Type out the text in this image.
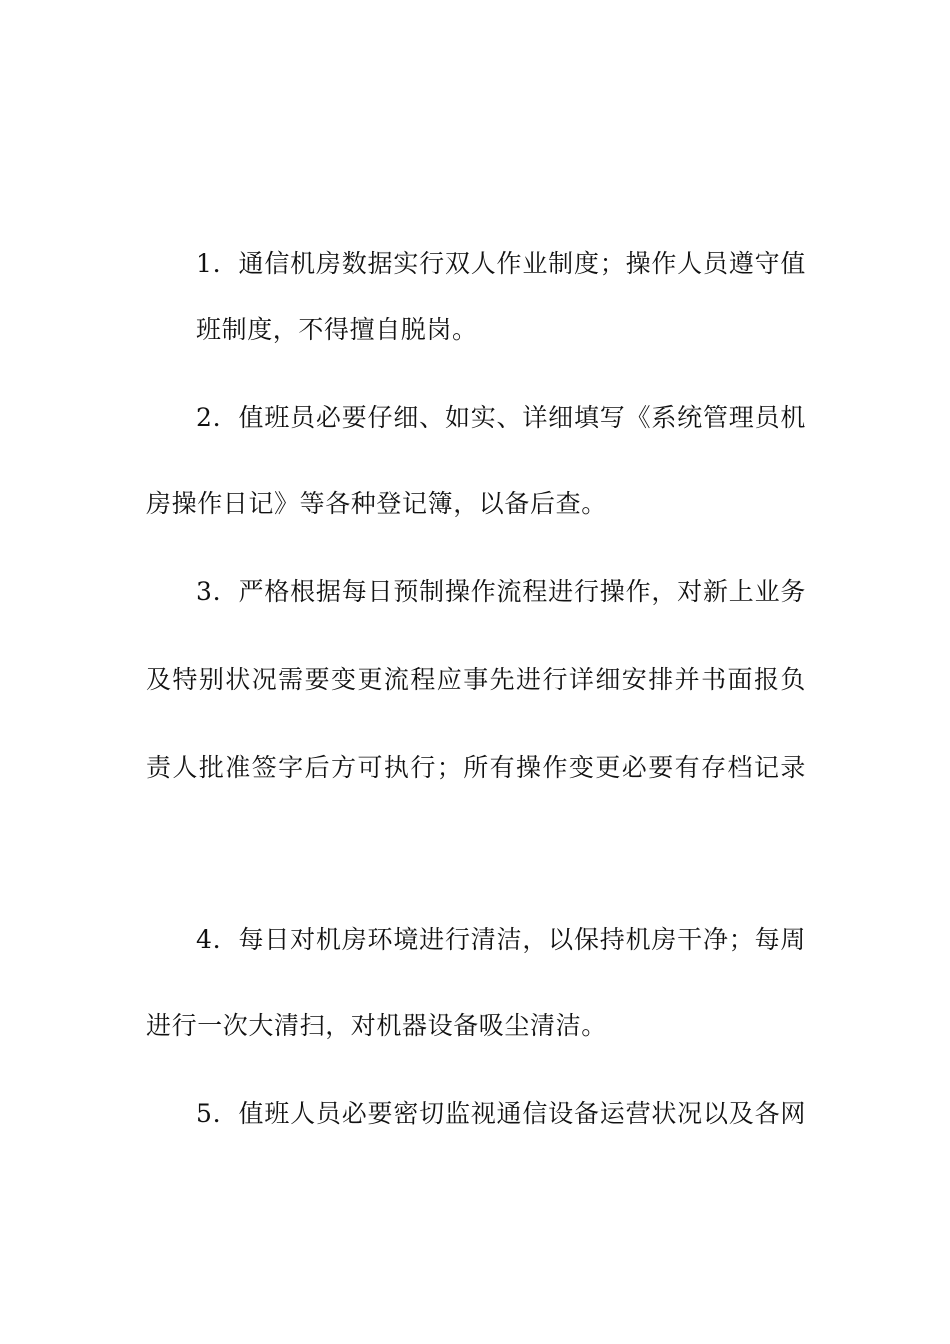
1．通信机房数据实行双人作业制度；操作人员遵守值
班制度，不得擅自脱岗。
2．值班员必要仔细、如实、详细填写《系统管理员机
房操作日记》等各种登记簿，以备后查。
3．严格根据每日预制操作流程进行操作，对新上业务
及特别状况需要变更流程应事先进行详细安排并书面报负
责人批准签字后方可执行；所有操作变更必要有存档记录
4．每日对机房环境进行清洁，以保持机房干净；每周
进行一次大清扫，对机器设备吸尘清洁。
5．值班人员必要密切监视通信设备运营状况以及各网
